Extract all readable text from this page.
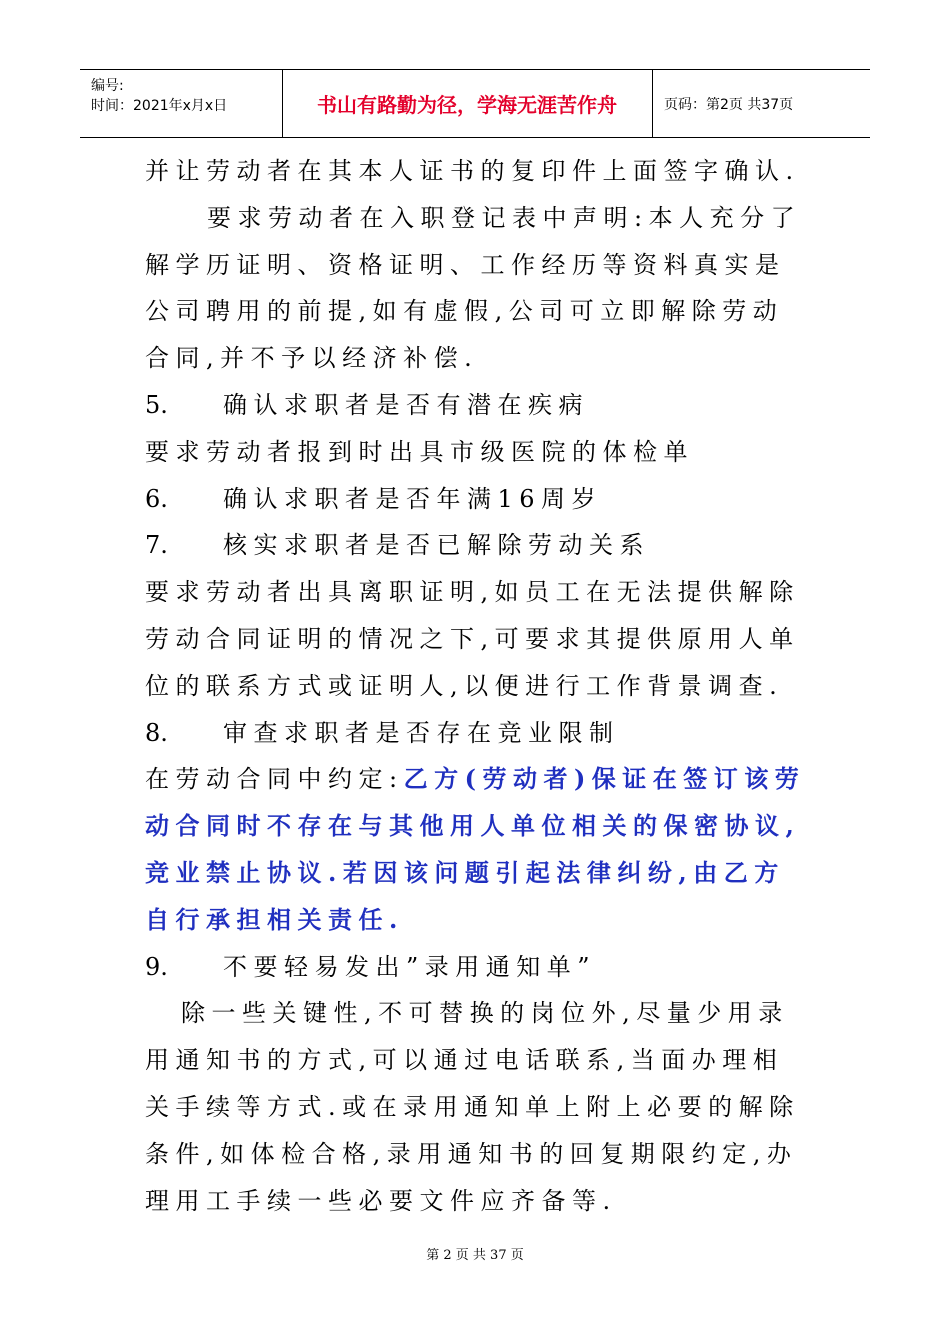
编号:
时间：2021年x月x日	书山有路勤为径，学海无涯苦作舟	页码：第2页 共37页
并让劳动者在其本人证书的复印件上面签字确认.
要求劳动者在入职登记表中声明:本人充分了
解学历证明、资格证明、工作经历等资料真实是
公司聘用的前提,如有虚假,公司可立即解除劳动
合同,并不予以经济补偿.
5. 确认求职者是否有潜在疾病
要求劳动者报到时出具市级医院的体检单
6. 确认求职者是否年满16周岁
7. 核实求职者是否已解除劳动关系
要求劳动者出具离职证明,如员工在无法提供解除
劳动合同证明的情况之下,可要求其提供原用人单
位的联系方式或证明人,以便进行工作背景调查.
8. 审查求职者是否存在竞业限制
在劳动合同中约定:乙方(劳动者)保证在签订该劳
动合同时不存在与其他用人单位相关的保密协议,
竞业禁止协议.若因该问题引起法律纠纷,由乙方
自行承担相关责任.
9. 不要轻易发出”录用通知单”
除一些关键性,不可替换的岗位外,尽量少用录
用通知书的方式,可以通过电话联系,当面办理相
关手续等方式.或在录用通知单上附上必要的解除
条件,如体检合格,录用通知书的回复期限约定,办
理用工手续一些必要文件应齐备等.
第 2 页 共 37 页
